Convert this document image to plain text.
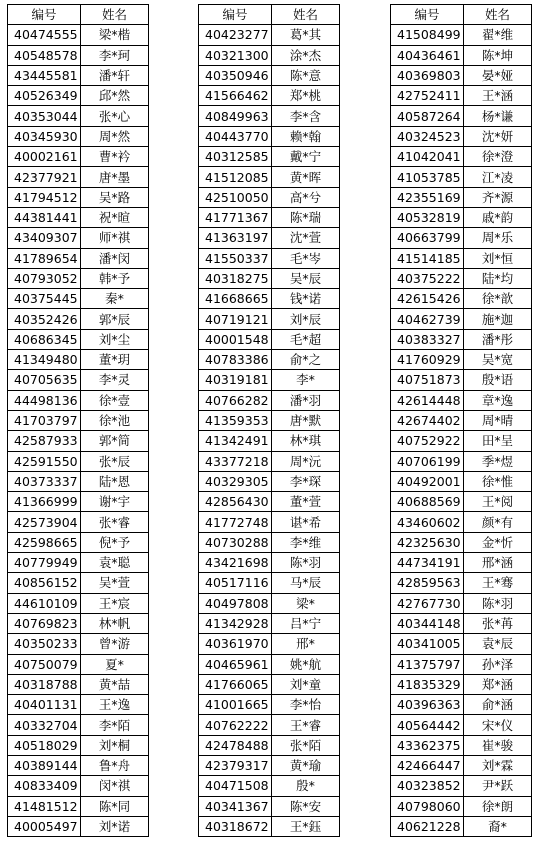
编号	姓名
40474555	梁*楷
40548578	李*珂
43445581	潘*轩
40526349	邱*然
40353044	张*心
40345930	周*然
40002161	曹*衿
42377921	唐*墨
41794512	吴*路
44381441	祝*暄
43409307	师*祺
41789654	潘*闵
40793052	韩*予
40375445	秦*
40352426	郭*辰
40686345	刘*尘
41349480	董*玥
40705635	李*灵
44498136	徐*壹
41703797	徐*池
42587933	郭*简
42591550	张*辰
40373337	陆*恩
41366999	谢*宇
42573904	张*睿
42598665	倪*予
40779949	袁*聪
40856152	吴*萱
44610109	王*宸
40769823	林*帆
40350233	曾*游
40750079	夏*
40318788	黄*喆
40401131	王*逸
40332704	李*陌
40518029	刘*桐
40389144	鲁*舟
40833409	闵*祺
41481512	陈*同
40005497	刘*诺
编号	姓名
40423277	葛*其
40321300	涂*杰
40350946	陈*意
41566462	郑*桃
40849963	李*含
40443770	赖*翰
40312585	戴*宁
41512085	黄*晖
42510050	高*兮
41771367	陈*瑞
41363197	沈*萱
41550337	毛*岑
40318275	吴*辰
41668665	钱*诺
40719121	刘*辰
40001548	毛*超
40783386	俞*之
40319181	李*
40766282	潘*羽
41359353	唐*默
41342491	林*琪
43377218	周*沅
40329305	李*琛
42856430	董*萱
41772748	谌*希
40730288	李*维
43421698	陈*羽
40517116	马*辰
40497808	梁*
41342928	吕*宁
40361970	邢*
40465961	姚*航
41766065	刘*童
41001665	李*怡
40762222	王*睿
42478488	张*陌
42379317	黄*瑜
40471508	殷*
40341367	陈*安
40318672	王*鈺
编号	姓名
41508499	翟*维
40436461	陈*坤
40369803	晏*娅
42752411	王*涵
40587264	杨*谦
40324523	沈*妍
41042041	徐*澄
41053785	江*凌
42355169	齐*源
40532819	戚*韵
40663799	周*乐
41514185	刘*恒
40375222	陆*均
42615426	徐*歆
40462739	施*迦
40383327	潘*彤
41760929	吴*宽
40751873	殷*语
42614448	章*逸
42674402	周*晴
40752922	田*呈
40706199	季*煜
40492001	徐*惟
40688569	王*阅
43460602	颜*有
42325630	金*忻
44734191	邢*涵
42859563	王*骞
42767730	陈*羽
40344148	张*苒
40341005	袁*辰
41375797	孙*泽
41835329	郑*涵
40396363	俞*涵
40564442	宋*仪
43362375	崔*骏
42466447	刘*霖
40323852	尹*跃
40798060	徐*朗
40621228	裔*
